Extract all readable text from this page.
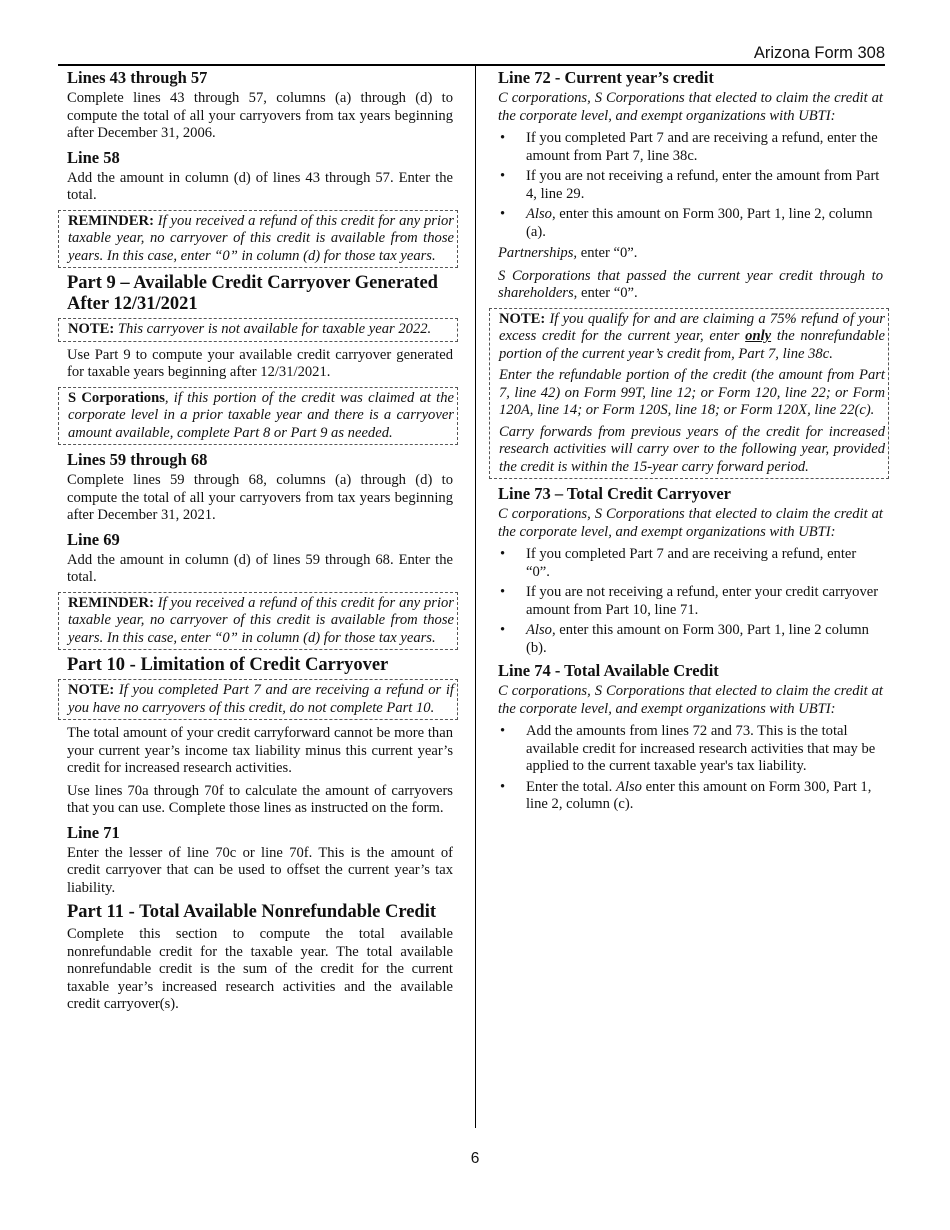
Arizona Form 308
Lines 43 through 57

Complete lines 43 through 57, columns (a) through (d) to compute the total of all your carryovers from tax years beginning after December 31, 2006.

Line 58

Add the amount in column (d) of lines 43 through 57. Enter the total.

REMINDER: If you received a refund of this credit for any prior taxable year, no carryover of this credit is available from those years. In this case, enter “0” in column (d) for those tax years.

Part 9 – Available Credit Carryover Generated After 12/31/2021

NOTE: This carryover is not available for taxable year 2022.

Use Part 9 to compute your available credit carryover generated for taxable years beginning after 12/31/2021.

S Corporations, if this portion of the credit was claimed at the corporate level in a prior taxable year and there is a carryover amount available, complete Part 8 or Part 9 as needed.

Lines 59 through 68

Complete lines 59 through 68, columns (a) through (d) to compute the total of all your carryovers from tax years beginning after December 31, 2021.

Line 69

Add the amount in column (d) of lines 59 through 68. Enter the total.

REMINDER: If you received a refund of this credit for any prior taxable year, no carryover of this credit is available from those years. In this case, enter “0” in column (d) for those tax years.

Part 10 - Limitation of Credit Carryover

NOTE: If you completed Part 7 and are receiving a refund or if you have no carryovers of this credit, do not complete Part 10.

The total amount of your credit carryforward cannot be more than your current year’s income tax liability minus this current year’s credit for increased research activities.

Use lines 70a through 70f to calculate the amount of carryovers that you can use. Complete those lines as instructed on the form.

Line 71

Enter the lesser of line 70c or line 70f. This is the amount of credit carryover that can be used to offset the current year’s tax liability.

Part 11 - Total Available Nonrefundable Credit

Complete this section to compute the total available nonrefundable credit for the taxable year. The total available nonrefundable credit is the sum of the credit for the current taxable year’s increased research activities and the available credit carryover(s).

Line 72 - Current year’s credit

C corporations, S Corporations that elected to claim the credit at the corporate level, and exempt organizations with UBTI:

• If you completed Part 7 and are receiving a refund, enter the amount from Part 7, line 38c.
• If you are not receiving a refund, enter the amount from Part 4, line 29.
• Also, enter this amount on Form 300, Part 1, line 2, column (a).

Partnerships, enter “0”.

S Corporations that passed the current year credit through to shareholders, enter “0”.

NOTE: If you qualify for and are claiming a 75% refund of your excess credit for the current year, enter only the nonrefundable portion of the current year’s credit from, Part 7, line 38c.

Enter the refundable portion of the credit (the amount from Part 7, line 42) on Form 99T, line 12; or Form 120, line 22; or Form 120A, line 14; or Form 120S, line 18; or Form 120X, line 22(c).

Carry forwards from previous years of the credit for increased research activities will carry over to the following year, provided the credit is within the 15-year carry forward period.

Line 73 – Total Credit Carryover

C corporations, S Corporations that elected to claim the credit at the corporate level, and exempt organizations with UBTI:

• If you completed Part 7 and are receiving a refund, enter “0”.
• If you are not receiving a refund, enter your credit carryover amount from Part 10, line 71.
• Also, enter this amount on Form 300, Part 1, line 2 column (b).
Line 74 - Total Available Credit

C corporations, S Corporations that elected to claim the credit at the corporate level, and exempt organizations with UBTI:

• Add the amounts from lines 72 and 73. This is the total available credit for increased research activities that may be applied to the current taxable year's tax liability.
• Enter the total. Also enter this amount on Form 300, Part 1, line 2, column (c).
6
